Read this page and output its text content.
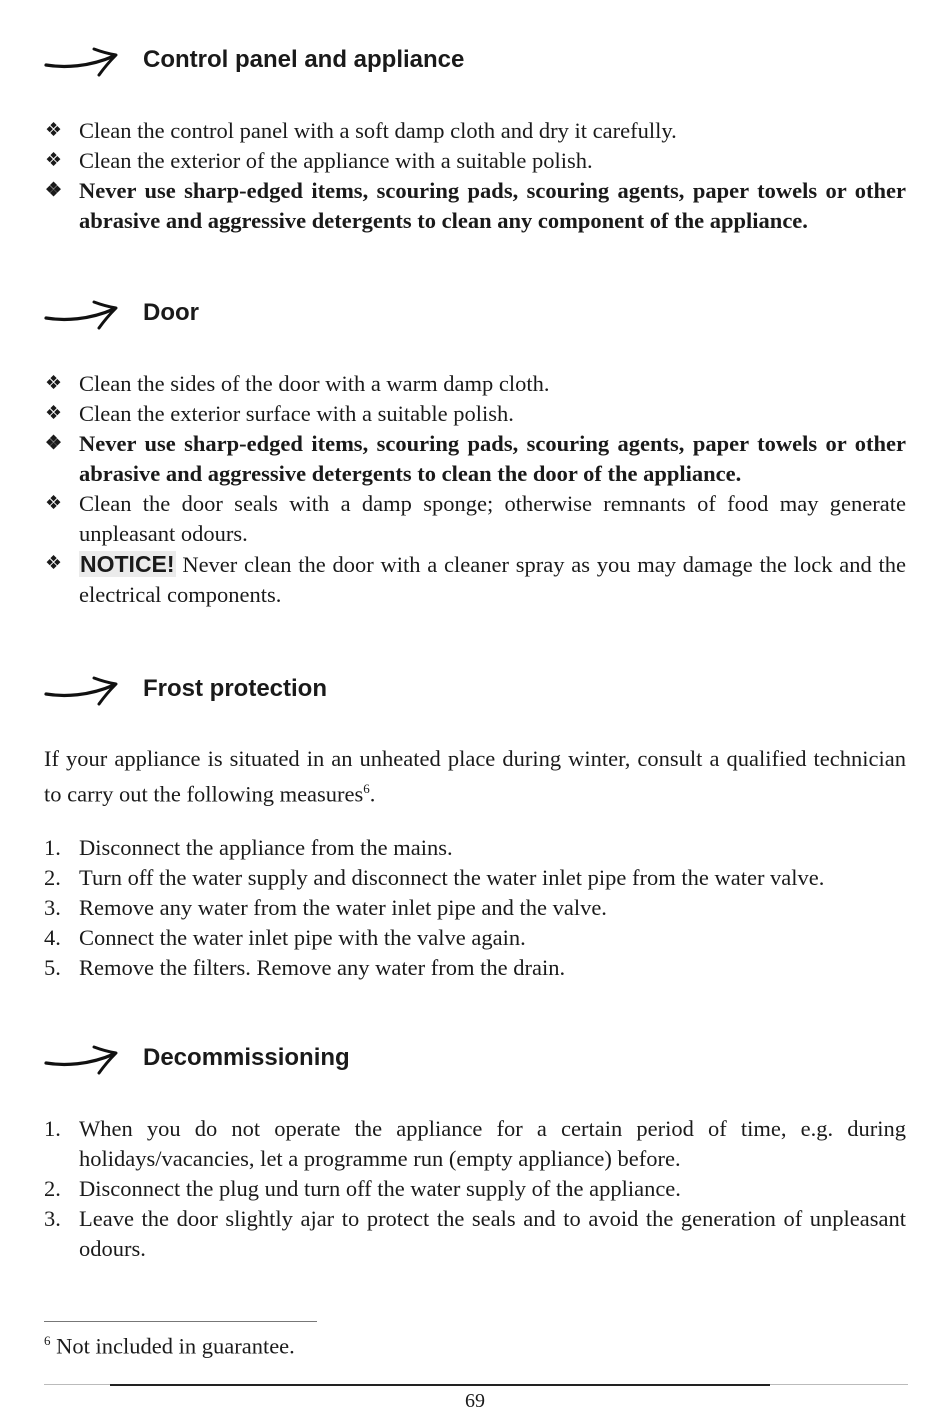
Control panel and appliance
❖ Clean the control panel with a soft damp cloth and dry it carefully.
❖ Clean the exterior of the appliance with a suitable polish.
❖ Never use sharp-edged items, scouring pads, scouring agents, paper towels or other abrasive and aggressive detergents to clean any component of the appliance.
Door
❖ Clean the sides of the door with a warm damp cloth.
❖ Clean the exterior surface with a suitable polish.
❖ Never use sharp-edged items, scouring pads, scouring agents, paper towels or other abrasive and aggressive detergents to clean the door of the appliance.
❖ Clean the door seals with a damp sponge; otherwise remnants of food may generate unpleasant odours.
❖ NOTICE! Never clean the door with a cleaner spray as you may damage the lock and the electrical components.
Frost protection

If your appliance is situated in an unheated place during winter, consult a qualified technician to carry out the following measures$^6$.

1. Disconnect the appliance from the mains.
2. Turn off the water supply and disconnect the water inlet pipe from the water valve.
3. Remove any water from the water inlet pipe and the valve.
4. Connect the water inlet pipe with the valve again.
5. Remove the filters. Remove any water from the drain.
Decommissioning
1. When you do not operate the appliance for a certain period of time, e.g. during holidays/vacancies, let a programme run (empty appliance) before.
2. Disconnect the plug und turn off the water supply of the appliance.
3. Leave the door slightly ajar to protect the seals and to avoid the generation of unpleasant odours.
$^6$ Not included in guarantee.
69
